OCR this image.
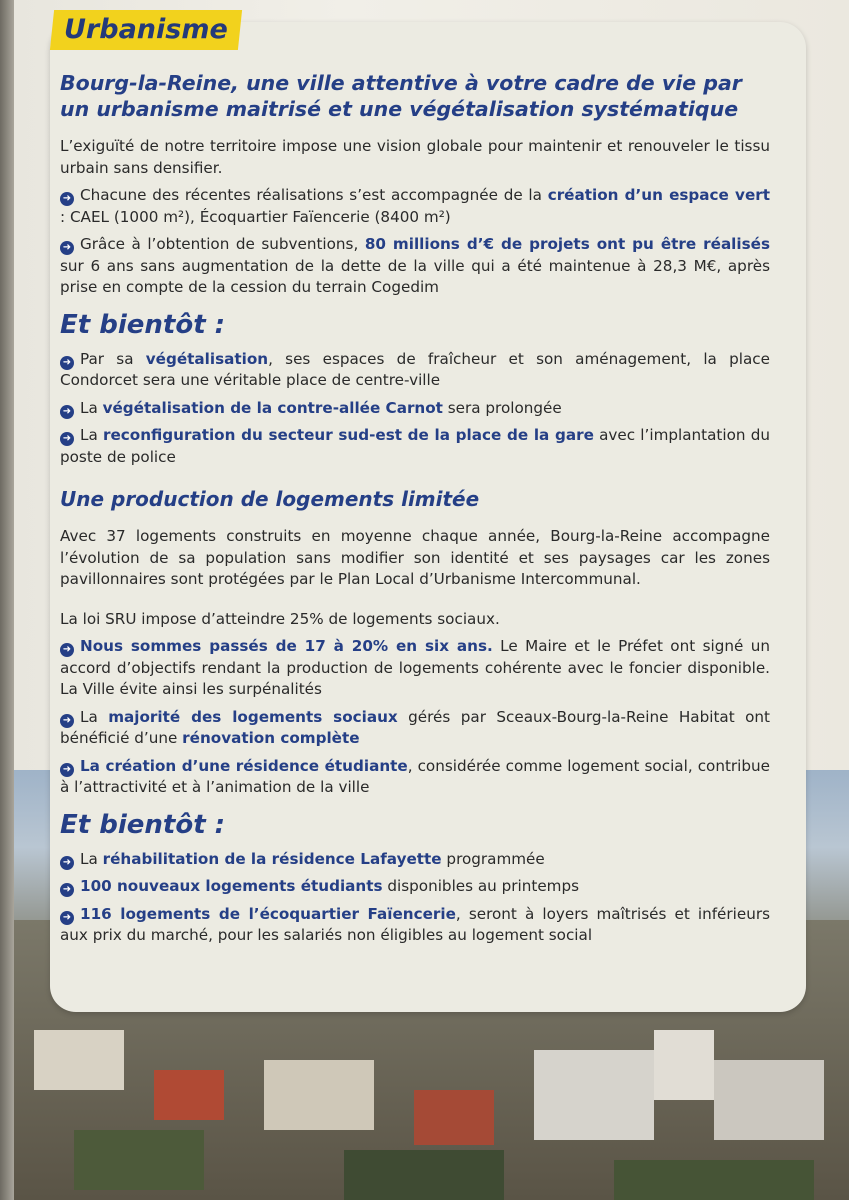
Urbanisme
Bourg-la-Reine, une ville attentive à votre cadre de vie par un urbanisme maitrisé et une végétalisation systématique

L’exiguïté de notre territoire impose une vision globale pour maintenir et renouveler le tissu urbain sans densifier.

➜ Chacune des récentes réalisations s’est accompagnée de la création d’un espace vert : CAEL (1000 m²), Écoquartier Faïencerie (8400 m²)

➜ Grâce à l’obtention de subventions, 80 millions d’€ de projets ont pu être réalisés sur 6 ans sans augmentation de la dette de la ville qui a été maintenue à 28,3 M€, après prise en compte de la cession du terrain Cogedim

Et bientôt :

➜ Par sa végétalisation, ses espaces de fraîcheur et son aménagement, la place Condorcet sera une véritable place de centre-ville

➜ La végétalisation de la contre-allée Carnot sera prolongée

➜ La reconfiguration du secteur sud-est de la place de la gare avec l’implantation du poste de police

Une production de logements limitée

Avec 37 logements construits en moyenne chaque année, Bourg-la-Reine accompagne l’évolution de sa population sans modifier son identité et ses paysages car les zones pavillonnaires sont protégées par le Plan Local d’Urbanisme Intercommunal.

La loi SRU impose d’atteindre 25% de logements sociaux.

➜ Nous sommes passés de 17 à 20% en six ans. Le Maire et le Préfet ont signé un accord d’objectifs rendant la production de logements cohérente avec le foncier disponible. La Ville évite ainsi les surpénalités

➜ La majorité des logements sociaux gérés par Sceaux-Bourg-la-Reine Habitat ont bénéficié d’une rénovation complète

➜ La création d’une résidence étudiante, considérée comme logement social, contribue à l’attractivité et à l’animation de la ville

Et bientôt :

➜ La réhabilitation de la résidence Lafayette programmée

➜ 100 nouveaux logements étudiants disponibles au printemps

➜ 116 logements de l’écoquartier Faïencerie, seront à loyers maîtrisés et inférieurs aux prix du marché, pour les salariés non éligibles au logement social
